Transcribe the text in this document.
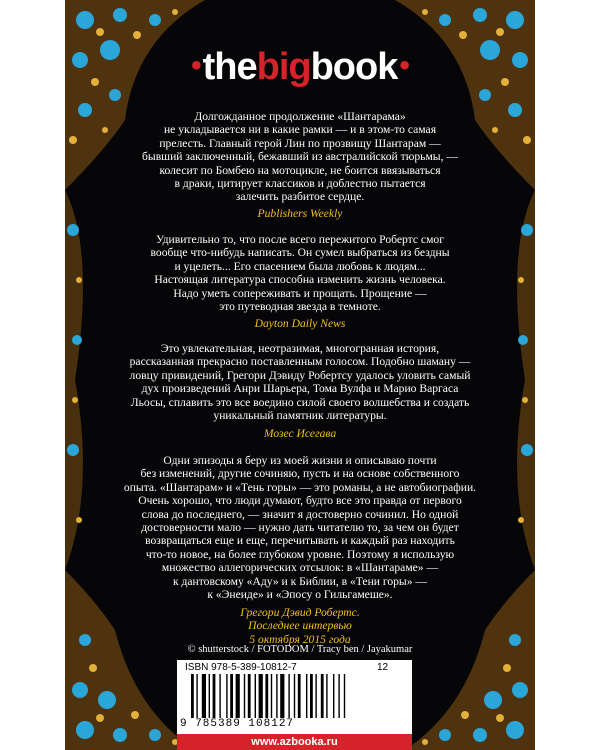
•thebigbook•
Долгожданное продолжение «Шантарама»
не укладывается ни в какие рамки — и в этом-то самая
прелесть. Главный герой Лин по прозвищу Шантарам —
бывший заключенный, бежавший из австралийской тюрьмы, —
колесит по Бомбею на мотоцикле, не боится ввязываться
в драки, цитирует классиков и доблестно пытается
залечить разбитое сердце.
Publishers Weekly
Удивительно то, что после всего пережитого Робертс смог
вообще что-нибудь написать. Он сумел выбраться из бездны
и уцелеть... Его спасением была любовь к людям...
Настоящая литература способна изменить жизнь человека.
Надо уметь сопереживать и прощать. Прощение —
это путеводная звезда в темноте.
Dayton Daily News
Это увлекательная, неотразимая, многогранная история,
рассказанная прекрасно поставленным голосом. Подобно шаману —
ловцу привидений, Грегори Дэвиду Робертсу удалось уловить самый
дух произведений Анри Шарьера, Тома Вулфа и Марио Варгаса
Льосы, сплавить это все воедино силой своего волшебства и создать
уникальный памятник литературы.
Мозес Исегава
Одни эпизоды я беру из моей жизни и описываю почти
без изменений, другие сочиняю, пусть и на основе собственного
опыта. «Шантарам» и «Тень горы» — это романы, а не автобиографии.
Очень хорошо, что люди думают, будто все это правда от первого
слова до последнего, — значит я достоверно сочинил. Но одной
достоверности мало — нужно дать читателю то, за чем он будет
возвращаться еще и еще, перечитывать и каждый раз находить
что-то новое, на более глубоком уровне. Поэтому я использую
множество аллегорических отсылок: в «Шантараме» —
к дантовскому «Аду» и к Библии, в «Тени горы» —
к «Энеиде» и «Эпосу о Гильгамеше».
Грегори Дэвид Робертс.
Последнее интервью
5 октября 2015 года
© shutterstock / FOTODOM / Tracy ben / Jayakumar
ISBN 978-5-389-10812-7	12
9 785389 108127
www.azbooka.ru
